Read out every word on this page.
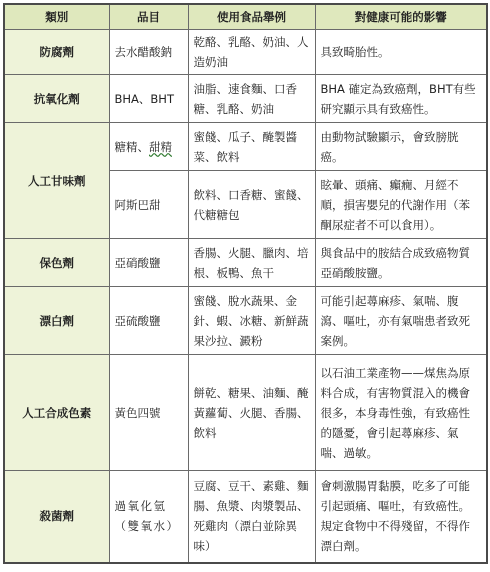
類別	品目	使用食品舉例	對健康可能的影響
防腐劑	去水醋酸鈉	乾酪、乳酪、奶油、人造奶油	具致畸胎性。
抗氧化劑	BHA、BHT	油脂、速食麵、口香糖、乳酪、奶油	BHA 確定為致癌劑，BHT有些研究顯示具有致癌性。
人工甘味劑	糖精、甜精	蜜餞、瓜子、醃製醬菜、飲料	由動物試驗顯示，會致膀胱癌。
	阿斯巴甜	飲料、口香糖、蜜餞、代糖糖包	眩暈、頭痛、癲癇、月經不順，損害嬰兒的代謝作用（苯酮尿症者不可以食用）。
保色劑	亞硝酸鹽	香腸、火腿、臘肉、培根、板鴨、魚干	與食品中的胺結合成致癌物質亞硝酸胺鹽。
漂白劑	亞硫酸鹽	蜜餞、脫水蔬果、金針、蝦、冰糖、新鮮蔬果沙拉、澱粉	可能引起蕁麻疹、氣喘、腹瀉、嘔吐，亦有氣喘患者致死案例。
人工合成色素	黃色四號	餅乾、糖果、油麵、醃黃蘿蔔、火腿、香腸、飲料	以石油工業產物——煤焦為原料合成，有害物質混入的機會很多，本身毒性強，有致癌性的隱憂，會引起蕁麻疹、氣喘、過敏。
殺菌劑	過氧化氫（雙氧水）	豆腐、豆干、素雞、麵腸、魚漿、肉漿製品、死雞肉（漂白並除異味）	會刺激腸胃黏膜，吃多了可能引起頭痛、嘔吐，有致癌性。規定食物中不得殘留，不得作漂白劑。
